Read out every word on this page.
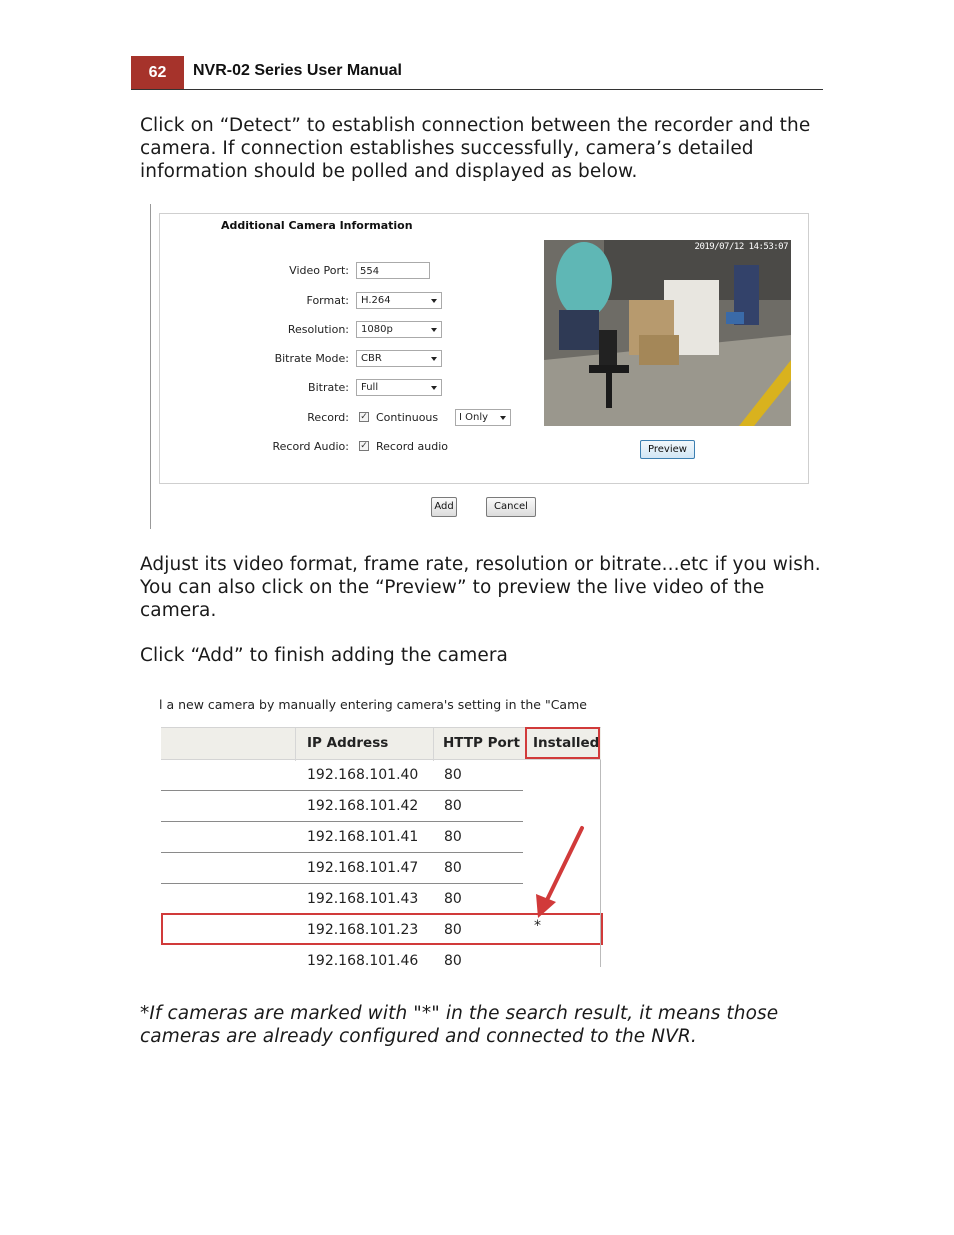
62	NVR-02 Series User Manual

Click on “Detect” to establish connection between the recorder and the camera. If connection establishes successfully, camera’s detailed information should be polled and displayed as below.

Additional Camera Information
Video Port:	554
Format:	H.264
Resolution:	1080p
Bitrate Mode:	CBR
Bitrate:	Full
Record: ✓ Continuous	I Only
Record Audio: ✓ Record audio
2019/07/12 14:53:07
Preview
Add	Cancel

Adjust its video format, frame rate, resolution or bitrate...etc if you wish. You can also click on the “Preview” to preview the live video of the camera.

Click “Add” to finish adding the camera

l a new camera by manually entering camera's setting in the "Came
IP Address	HTTP Port Installed
192.168.101.40 80
192.168.101.42 80
192.168.101.41 80
192.168.101.47 80
192.168.101.43 80
192.168.101.23 80	*
192.168.101.46 80

*If cameras are marked with "*" in the search result, it means those cameras are already configured and connected to the NVR.
